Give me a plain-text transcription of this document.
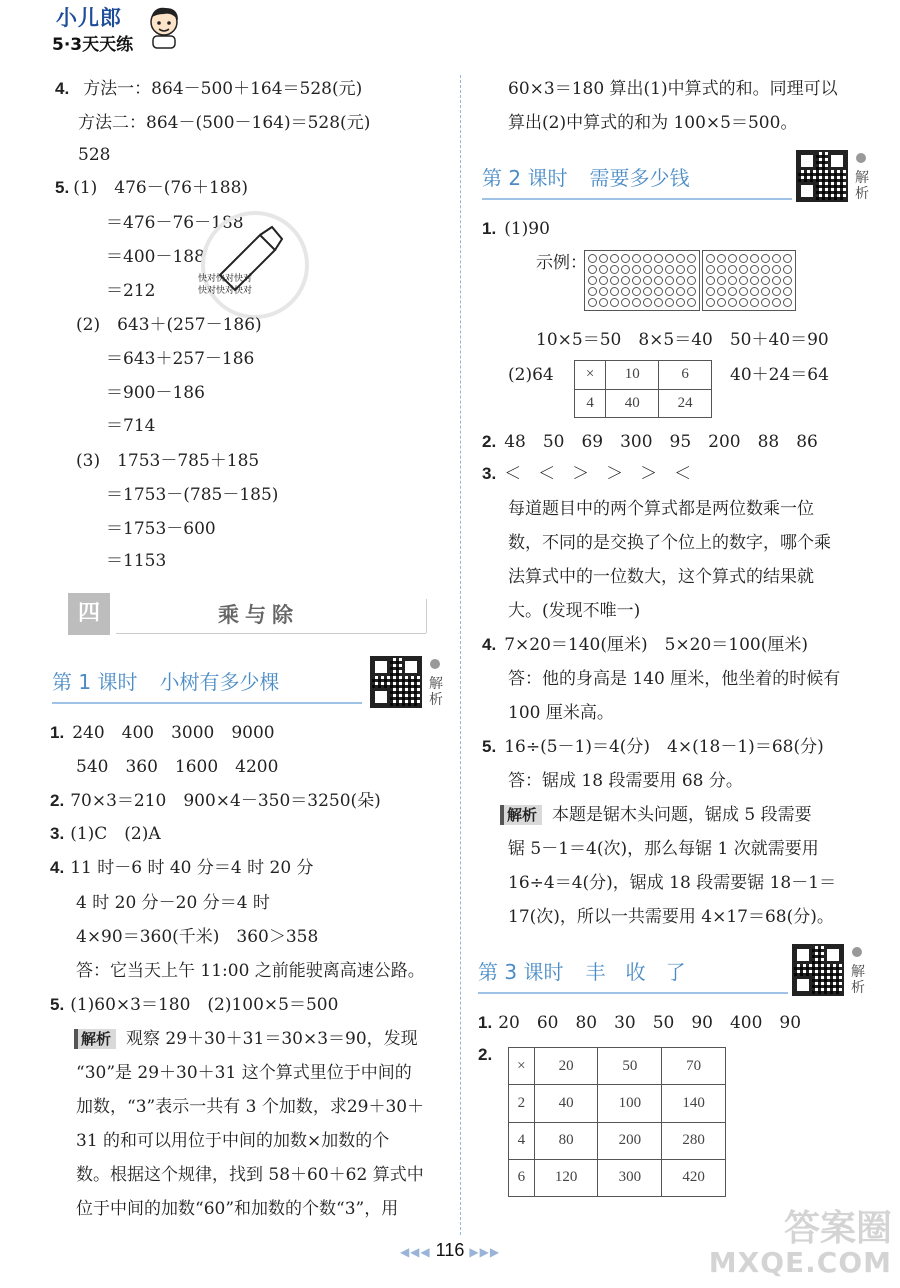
小儿郎
5·3天天练
4. 方法一：864－500＋164＝528(元)
方法二：864－(500－164)＝528(元)
528
5. (1)　476－(76＋188)
＝476－76－188
＝400－188
＝212
快对快对快对
快对快对快对
(2)　643＋(257－186)
＝643＋257－186
＝900－186
＝714
(3)　1753－785＋185
＝1753－(785－185)
＝1753－600
＝1153
四	乘与除
第 1 课时 小树有多少棵	解析
1. 240　400　3000　9000
540　360　1600　4200
2. 70×3＝210　900×4－350＝3250(朵)
3. (1)C　(2)A
4. 11 时－6 时 40 分＝4 时 20 分
4 时 20 分－20 分＝4 时
4×90＝360(千米)　360＞358
答：它当天上午 11:00 之前能驶离高速公路。
5. (1)60×3＝180　(2)100×5＝500
解析 观察 29＋30＋31＝30×3＝90，发现
“30”是 29＋30＋31 这个算式里位于中间的
加数，“3”表示一共有 3 个加数，求29＋30＋
31 的和可以用位于中间的加数×加数的个
数。根据这个规律，找到 58＋60＋62 算式中
位于中间的加数“60”和加数的个数“3”，用
60×3＝180 算出(1)中算式的和。同理可以
算出(2)中算式的和为 100×5＝500。
第 2 课时 需要多少钱	解析
1. (1)90
示例：
10×5＝50　8×5＝40　50＋40＝90
(2)64 ×	10	6
4	40	24
40＋24＝64
2. 48　50　69　300　95　200　88　86
3. ＜　＜　＞　＞　＞　＜
每道题目中的两个算式都是两位数乘一位
数，不同的是交换了个位上的数字，哪个乘
法算式中的一位数大，这个算式的结果就
大。(发现不唯一)
4. 7×20＝140(厘米)　5×20＝100(厘米)
答：他的身高是 140 厘米，他坐着的时候有
100 厘米高。
5. 16÷(5－1)＝4(分)　4×(18－1)＝68(分)
答：锯成 18 段需要用 68 分。
解析 本题是锯木头问题，锯成 5 段需要
锯 5－1＝4(次)，那么每锯 1 次就需要用
16÷4＝4(分)，锯成 18 段需要锯 18－1＝
17(次)，所以一共需要用 4×17＝68(分)。
第 3 课时 丰　收　了	解析
1. 20　60　80　30　50　90　400　90
2.
×	20	50	70
2	40	100	140
4	80	200	280
6	120	300	420
◀◀◀ 116 ▶▶▶
答案圈
MXQE.COM
